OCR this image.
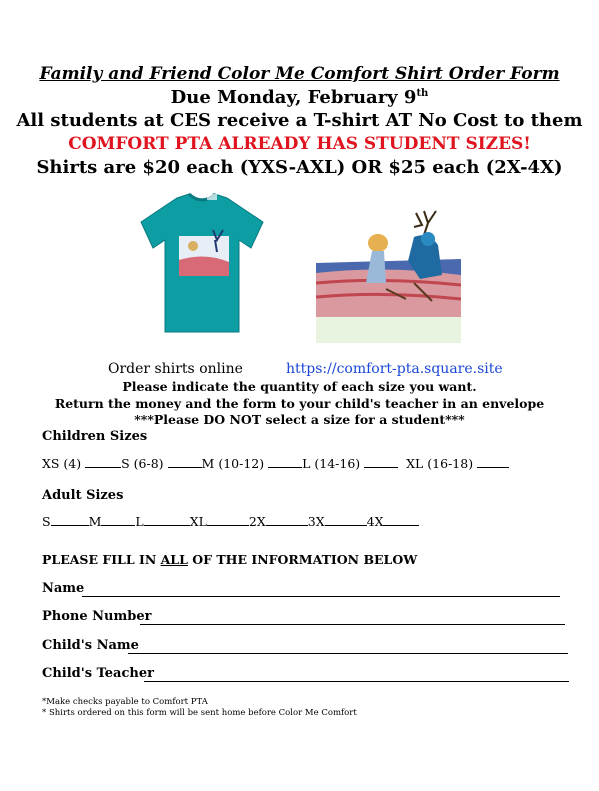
Family and Friend Color Me Comfort Shirt Order Form
Due Monday, February 9th
All students at CES receive a T-shirt AT No Cost to them
COMFORT PTA ALREADY HAS STUDENT SIZES!
Shirts are $20 each (YXS-AXL) OR $25 each (2X-4X)
Order shirts online	https://comfort-pta.square.site
Please indicate the quantity of each size you want.
Return the money and the form to your child's teacher in an envelope
***Please DO NOT select a size for a student***
Children Sizes
XS (4)	S (6-8)	M (10-12)	L (14-16)	XL (16-18)
Adult Sizes
S	M	L	XL	2X	3X	4X
PLEASE FILL IN ALL OF THE INFORMATION BELOW
Name
Phone Number
Child's Name
Child's Teacher
*Make checks payable to Comfort PTA
* Shirts ordered on this form will be sent home before Color Me Comfort
